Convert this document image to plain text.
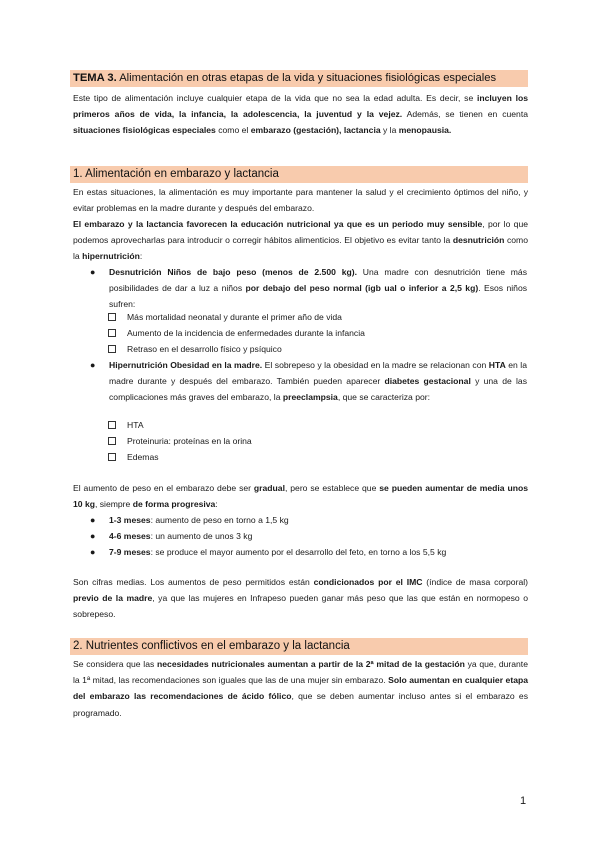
TEMA 3. Alimentación en otras etapas de la vida y situaciones fisiológicas especiales

Este tipo de alimentación incluye cualquier etapa de la vida que no sea la edad adulta. Es decir, se incluyen los primeros años de vida, la infancia, la adolescencia, la juventud y la vejez. Además, se tienen en cuenta situaciones fisiológicas especiales como el embarazo (gestación), lactancia y la menopausia.

1. Alimentación en embarazo y lactancia

En estas situaciones, la alimentación es muy importante para mantener la salud y el crecimiento óptimos del niño, y evitar problemas en la madre durante y después del embarazo.

El embarazo y la lactancia favorecen la educación nutricional ya que es un periodo muy sensible, por lo que podemos aprovecharlas para introducir o corregir hábitos alimenticios. El objetivo es evitar tanto la desnutrición como la hipernutrición:

● Desnutrición Niños de bajo peso (menos de 2.500 kg). Una madre con desnutrición tiene más posibilidades de dar a luz a niños por debajo del peso normal (igb ual o inferior a 2,5 kg). Esos niños sufren:
Más mortalidad neonatal y durante el primer año de vida
Aumento de la incidencia de enfermedades durante la infancia
Retraso en el desarrollo físico y psíquico
● Hipernutrición Obesidad en la madre. El sobrepeso y la obesidad en la madre se relacionan con HTA en la madre durante y después del embarazo. También pueden aparecer diabetes gestacional y una de las complicaciones más graves del embarazo, la preeclampsia, que se caracteriza por:
HTA
Proteinuria: proteínas en la orina
Edemas

El aumento de peso en el embarazo debe ser gradual, pero se establece que se pueden aumentar de media unos 10 kg, siempre de forma progresiva:

● 1-3 meses: aumento de peso en torno a 1,5 kg
● 4-6 meses: un aumento de unos 3 kg
● 7-9 meses: se produce el mayor aumento por el desarrollo del feto, en torno a los 5,5 kg

Son cifras medias. Los aumentos de peso permitidos están condicionados por el IMC (índice de masa corporal) previo de la madre, ya que las mujeres en Infrapeso pueden ganar más peso que las que están en normopeso o sobrepeso.

2. Nutrientes conflictivos en el embarazo y la lactancia

Se considera que las necesidades nutricionales aumentan a partir de la 2ª mitad de la gestación ya que, durante la 1ª mitad, las recomendaciones son iguales que las de una mujer sin embarazo. Solo aumentan en cualquier etapa del embarazo las recomendaciones de ácido fólico, que se deben aumentar incluso antes si el embarazo es programado.

1
